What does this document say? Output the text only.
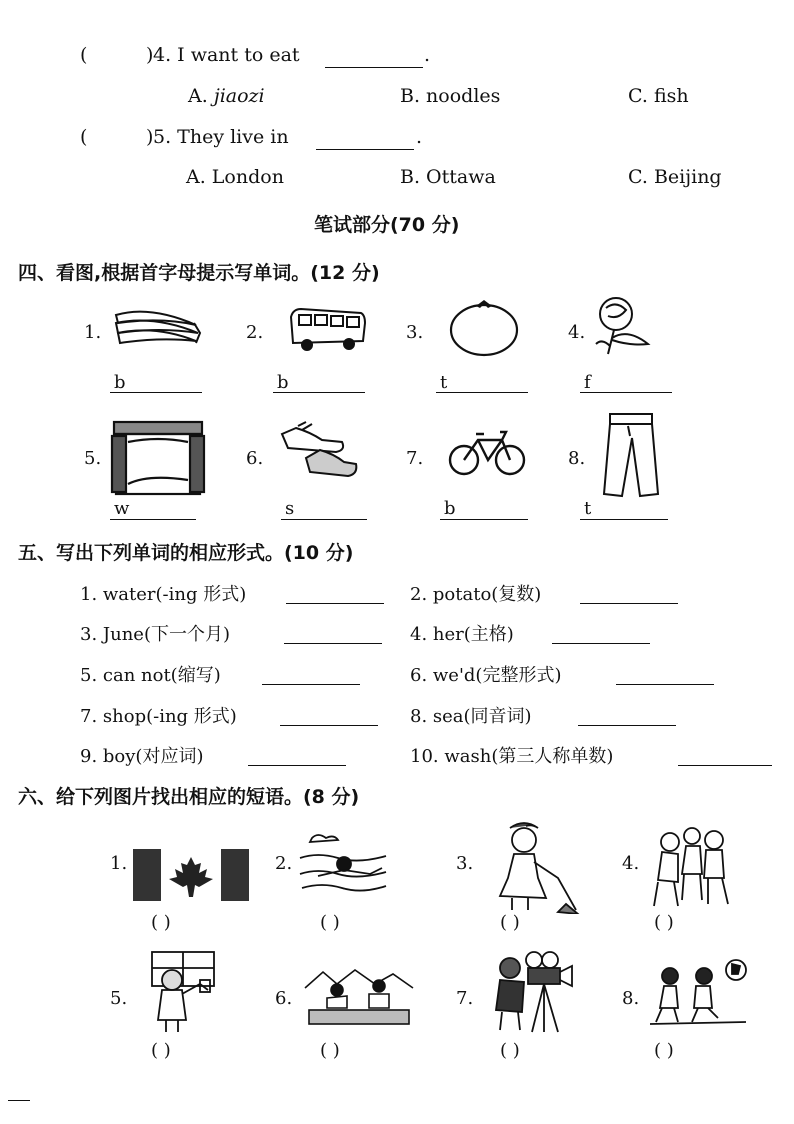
(	) 4. I want to eat	.
A. jiaozi	B. noodles	C. fish
(	) 5. They live in	.
A. London	B. Ottawa	C. Beijing
笔试部分(70 分)
四、看图,根据首字母提示写单词。(12 分)
1.	2.	3.	4.
b	b	t	f
5.	6.	7.	8.
w	s	b	t
五、写出下列单词的相应形式。(10 分)
1. water(-ing 形式)	2. potato(复数)
3. June(下一个月)	4. her(主格)
5. can not(缩写)	6. we'd(完整形式)
7. shop(-ing 形式)	8. sea(同音词)
9. boy(对应词)	10. wash(第三人称单数)
六、给下列图片找出相应的短语。(8 分)
1.	2.	3.	4.
( )	( )	( )	( )
5.	6.	7.	8.
( )	( )	( )	( )
